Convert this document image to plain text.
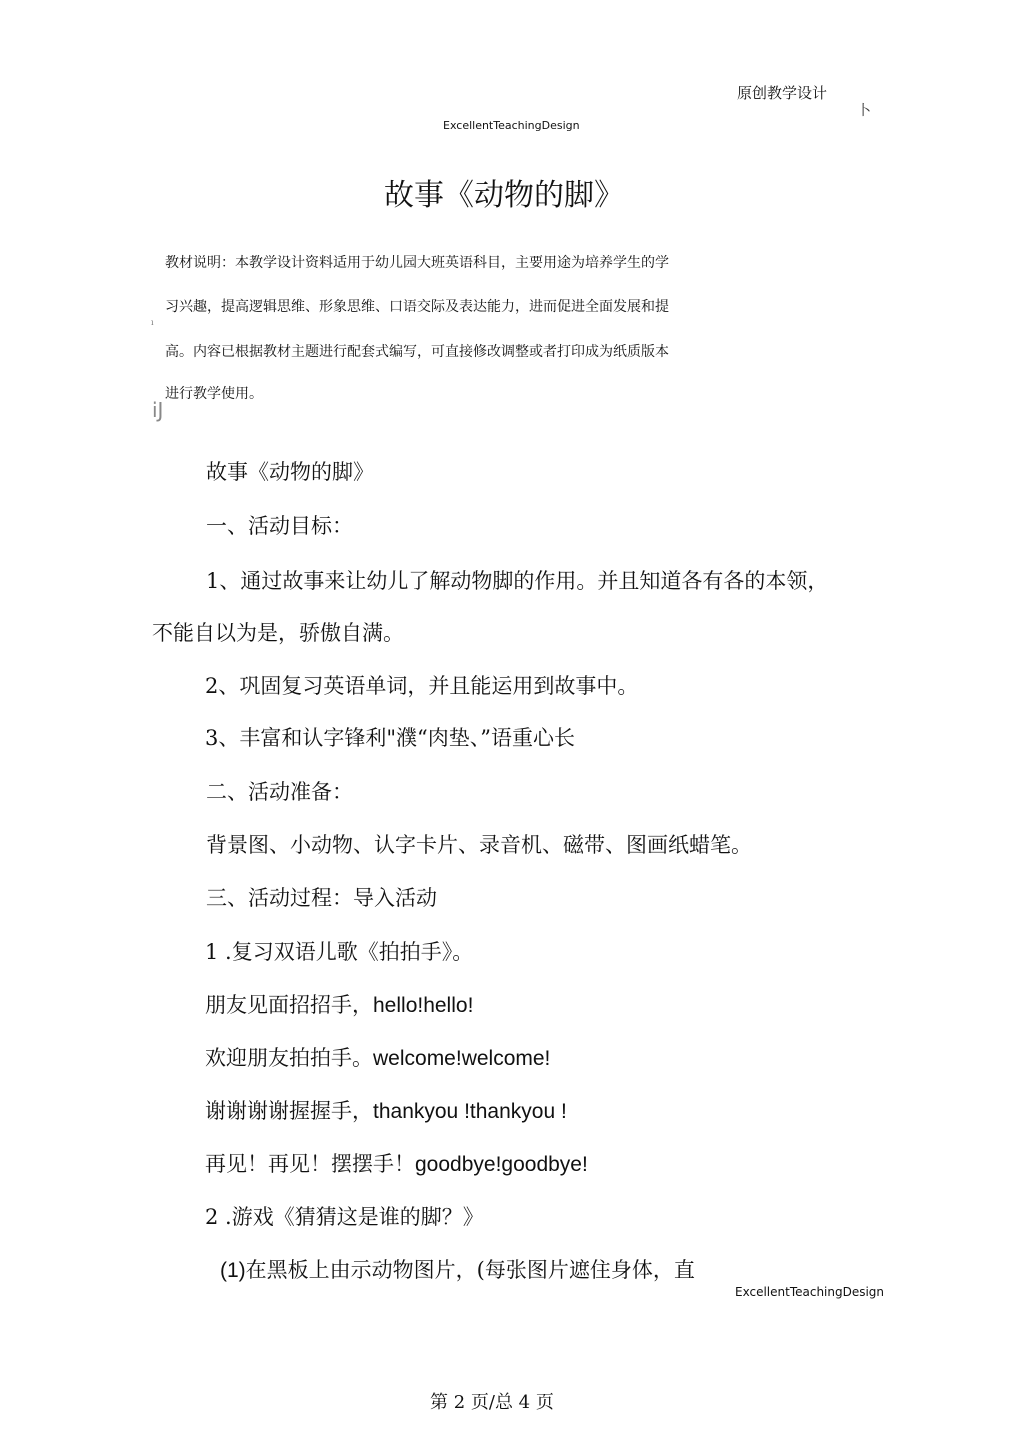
原创教学设计
卜
ExcellentTeachingDesign
故事《动物的脚》
教材说明：本教学设计资料适用于幼儿园大班英语科目，主要用途为培养学生的学
习兴趣，提高逻辑思维、形象思维、口语交际及表达能力，进而促进全面发展和提
高。内容已根据教材主题进行配套式编写，可直接修改调整或者打印成为纸质版本
进行教学使用。
ı
iJ
故事《动物的脚》
一、活动目标：
1、通过故事来让幼儿了解动物脚的作用。并且知道各有各的本领，
不能自以为是，骄傲自满。
2、巩固复习英语单词，并且能运用到故事中。
3、丰富和认字锋利"濮“肉垫、”语重心长
二、活动准备：
背景图、小动物、认字卡片、录音机、磁带、图画纸蜡笔。
三、活动过程：导入活动
1 .复习双语儿歌《拍拍手》。
朋友见面招招手，hello!hello!
欢迎朋友拍拍手。welcome!welcome!
谢谢谢谢握握手，thankyou !thankyou !
再见！再见！摆摆手！goodbye!goodbye!
2 .游戏《猜猜这是谁的脚？》
(1)在黑板上由示动物图片，(每张图片遮住身体，直
ExcellentTeachingDesign
第 2 页/总 4 页
